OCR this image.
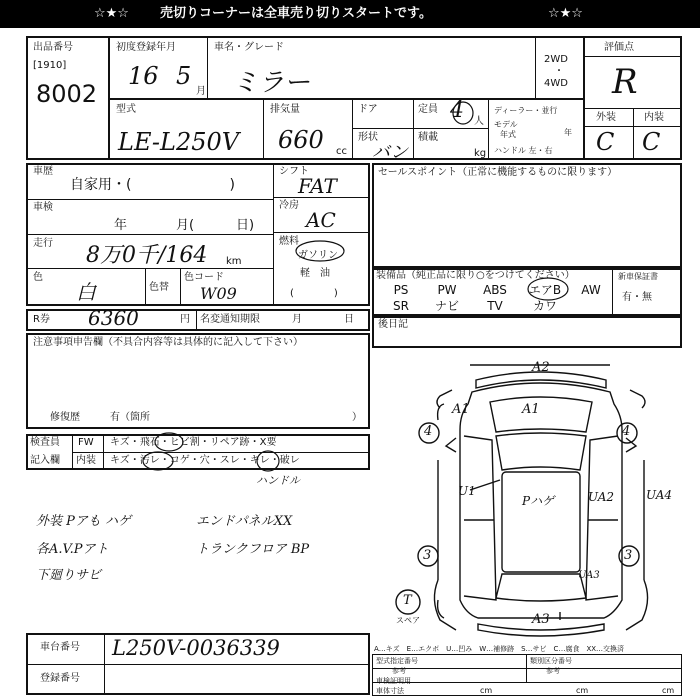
☆★☆ 売切りコーナーは全車売り切りスタートです。	☆★☆
出品番号
[1910]
8002
初度登録年月
16 5
月
車名・グレード
ミラー
2WD
・
4WD
評価点
R
外装	内装
C C
型式
LE-L250V
排気量
660 cc
ドア
形状
バン
定員 4 人
積載
kg
ディーラー・並行
モデル
年式	年
ハンドル 左・右
車歴
自家用・(　　　　　　　)
車検
年	月(	日)
走行 8万0千/164 km
色
白	色替
色コード
W09
シフト
FAT
冷房
AC
燃料
ガソリン
軽　油
(　　　　)
R券 6360	円 名変通知期限	月	日
注意事項申告欄（不具合内容等は具体的に記入して下さい）
修復歴	有（箇所	）
検査員
記入欄
FW キズ・飛石・ヒビ割・リペア跡・X要
内装 キズ・汚レ・コゲ・穴・スレ・キレ・破レ
ハンドル
外装 Pアも ハゲ
各A.V.Pアト
下廻りサビ
エンドパネルXX
トランクフロア BP
セールスポイント（正常に機能するものに限ります）
装備品（純正品に限り○をつけてください）	新車保証書
有・無
PS	PW	ABS	エアB	AW
SR	ナビ	TV	カワ
後日記
A2
A1	A1
4	4
U1
Pハゲ	UA2	UA4
3	3
UA3
A3
T
スペア
車台番号 L250V-0036339
登録番号
A…キズ　E…エクボ　U…凹み　W…補修跡　S…サビ　C…腐食　XX…交換済
型式指定番号
参考
類別区分番号
参考
車検証明用
車体寸法	cm	cm	cm
